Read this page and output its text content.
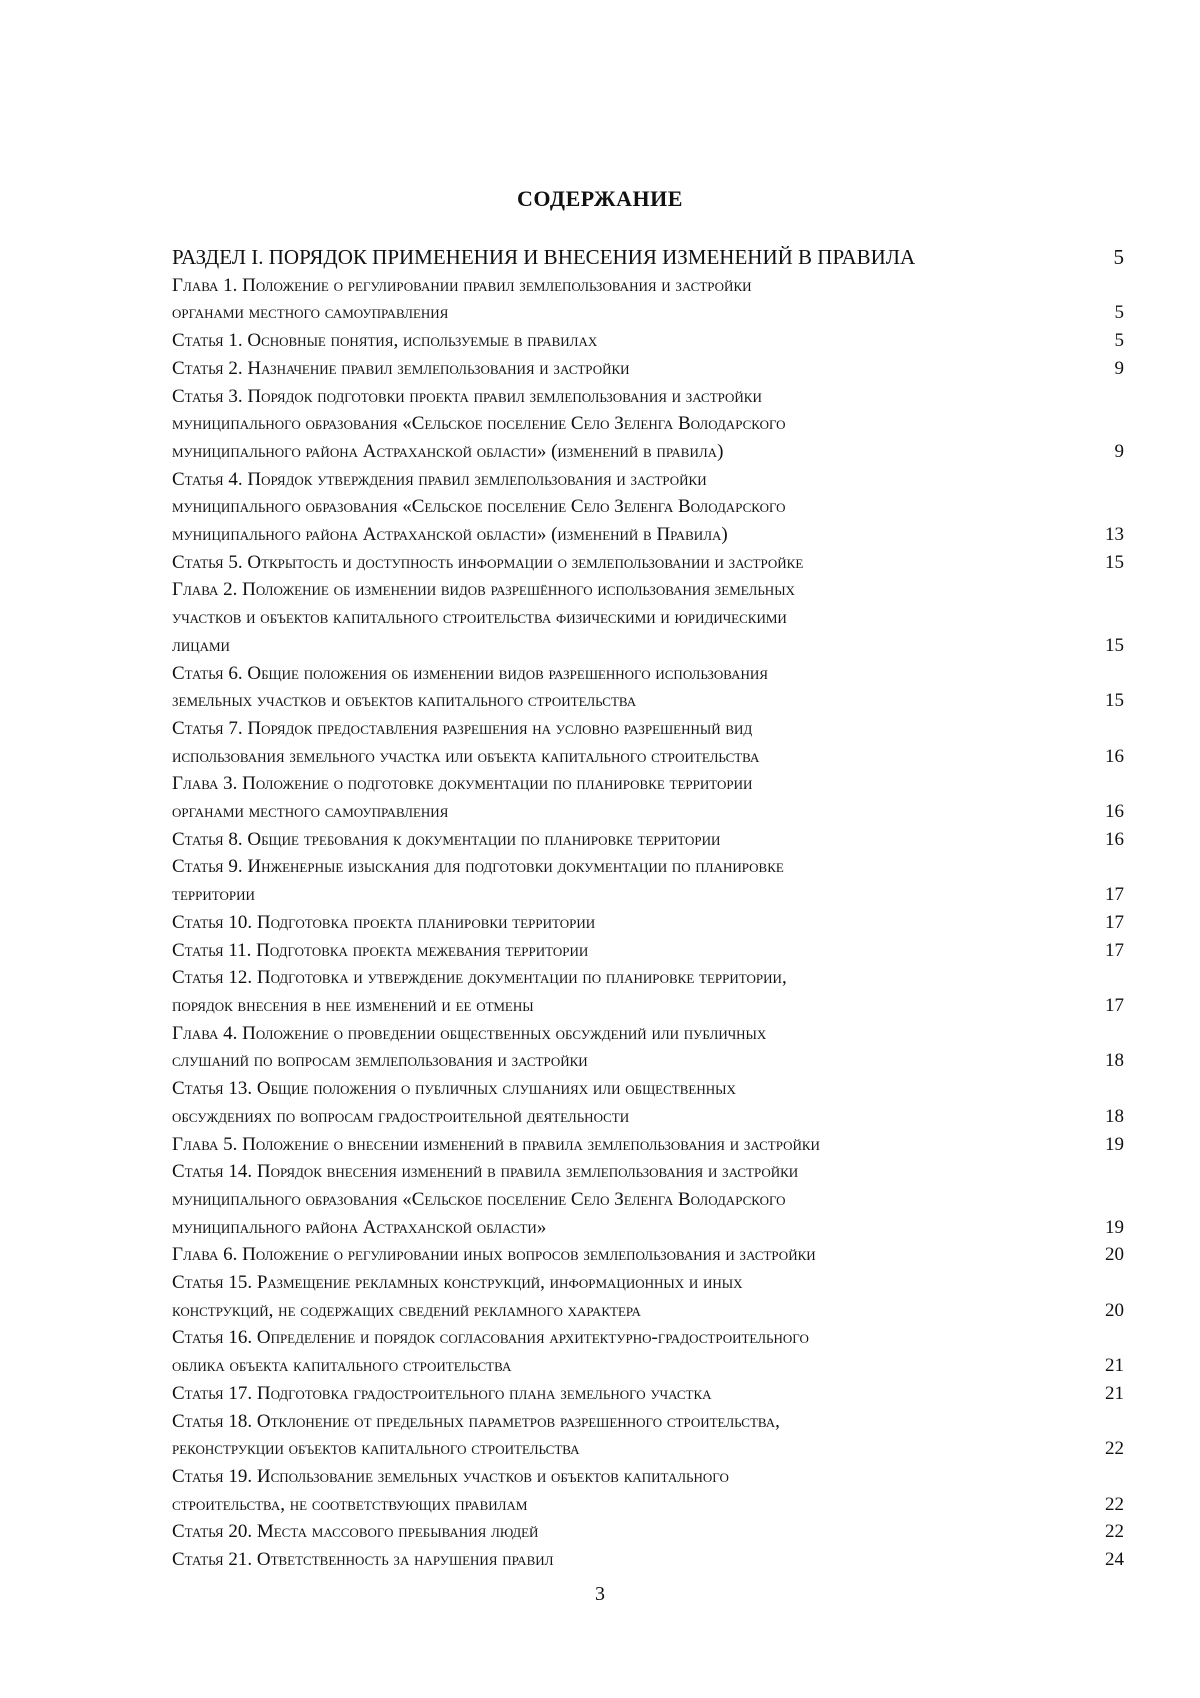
СОДЕРЖАНИЕ
РАЗДЕЛ I. ПОРЯДОК ПРИМЕНЕНИЯ И ВНЕСЕНИЯ ИЗМЕНЕНИЙ В ПРАВИЛА	5
Глава 1. Положение о регулировании правил землепользования и застройки
органами местного самоуправления	5
Статья 1. Основные понятия, используемые в правилах	5
Статья 2. Назначение правил землепользования и застройки	9
Статья 3. Порядок подготовки проекта правил землепользования и застройки
муниципального образования «Сельское поселение Село Зеленга Володарского
муниципального района Астраханской области» (изменений в правила)	9
Статья 4. Порядок утверждения правил землепользования и застройки
муниципального образования «Сельское поселение Село Зеленга Володарского
муниципального района Астраханской области» (изменений в Правила)	13
Статья 5. Открытость и доступность информации о землепользовании и застройке	15
Глава 2. Положение об изменении видов разрешённого использования земельных
участков и объектов капитального строительства физическими и юридическими
лицами	15
Статья 6. Общие положения об изменении видов разрешенного использования
земельных участков и объектов капитального строительства	15
Статья 7. Порядок предоставления разрешения на условно разрешенный вид
использования земельного участка или объекта капитального строительства	16
Глава 3. Положение о подготовке документации по планировке территории
органами местного самоуправления	16
Статья 8. Общие требования к документации по планировке территории	16
Статья 9. Инженерные изыскания для подготовки документации по планировке
территории	17
Статья 10. Подготовка проекта планировки территории	17
Статья 11. Подготовка проекта межевания территории	17
Статья 12. Подготовка и утверждение документации по планировке территории,
порядок внесения в нее изменений и ее отмены	17
Глава 4. Положение о проведении общественных обсуждений или публичных
слушаний по вопросам землепользования и застройки	18
Статья 13. Общие положения о публичных слушаниях или общественных
обсуждениях по вопросам градостроительной деятельности	18
Глава 5. Положение о внесении изменений в правила землепользования и застройки	19
Статья 14. Порядок внесения изменений в правила землепользования и застройки
муниципального образования «Сельское поселение Село Зеленга Володарского
муниципального района Астраханской области»	19
Глава 6. Положение о регулировании иных вопросов землепользования и застройки	20
Статья 15. Размещение рекламных конструкций, информационных и иных
конструкций, не содержащих сведений рекламного характера	20
Статья 16. Определение и порядок согласования архитектурно-градостроительного
облика объекта капитального строительства	21
Статья 17. Подготовка градостроительного плана земельного участка	21
Статья 18. Отклонение от предельных параметров разрешенного строительства,
реконструкции объектов капитального строительства	22
Статья 19. Использование земельных участков и объектов капитального
строительства, не соответствующих правилам	22
Статья 20. Места массового пребывания людей	22
Статья 21. Ответственность за нарушения правил	24
3
